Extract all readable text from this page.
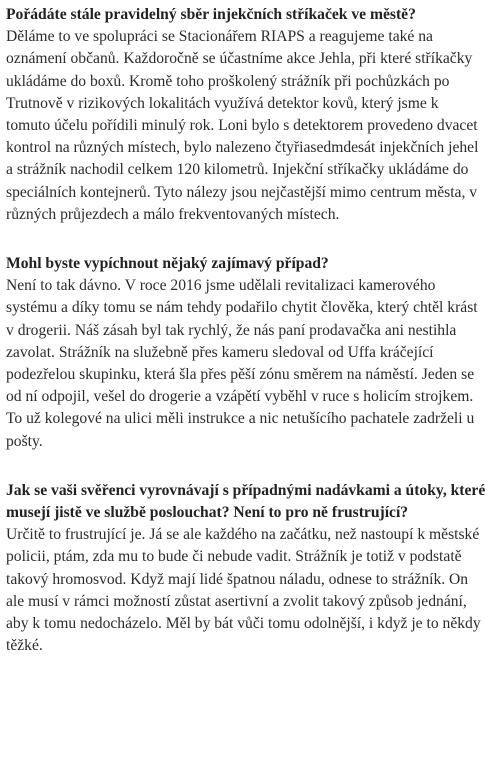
Pořádáte stále pravidelný sběr injekčních stříkaček ve městě?

Děláme to ve spolupráci se Stacionářem RIAPS a reagujeme také na oznámení občanů. Každoročně se účastníme akce Jehla, při které stříkačky ukládáme do boxů. Kromě toho proškolený strážník při pochůzkách po Trutnově v rizikových lokalitách využívá detektor kovů, který jsme k tomuto účelu pořídili minulý rok. Loni bylo s detektorem provedeno dvacet kontrol na různých místech, bylo nalezeno čtyřiasedmdesát injekčních jehel a strážník nachodil celkem 120 kilometrů. Injekční stříkačky ukládáme do speciálních kontejnerů. Tyto nálezy jsou nejčastější mimo centrum města, v různých průjezdech a málo frekventovaných místech.

Mohl byste vypíchnout nějaký zajímavý případ?

Není to tak dávno. V roce 2016 jsme udělali revitalizaci kamerového systému a díky tomu se nám tehdy podařilo chytit člověka, který chtěl krást v drogerii. Náš zásah byl tak rychlý, že nás paní prodavačka ani nestihla zavolat. Strážník na služebně přes kameru sledoval od Uffa kráčející podezřelou skupinku, která šla přes pěší zónu směrem na náměstí. Jeden se od ní odpojil, vešel do drogerie a vzápětí vyběhl v ruce s holicím strojkem. To už kolegové na ulici měli instrukce a nic netušícího pachatele zadrželi u pošty.

Jak se vaši svěřenci vyrovnávají s případnými nadávkami a útoky, které musejí jistě ve službě poslouchat? Není to pro ně frustrující?

Určitě to frustrující je. Já se ale každého na začátku, než nastoupí k městské policii, ptám, zda mu to bude či nebude vadit. Strážník je totiž v podstatě takový hromosvod. Když mají lidé špatnou náladu, odnese to strážník. On ale musí v rámci možností zůstat asertivní a zvolit takový způsob jednání, aby k tomu nedocházelo. Měl by bát vůči tomu odolnější, i když je to někdy těžké.
